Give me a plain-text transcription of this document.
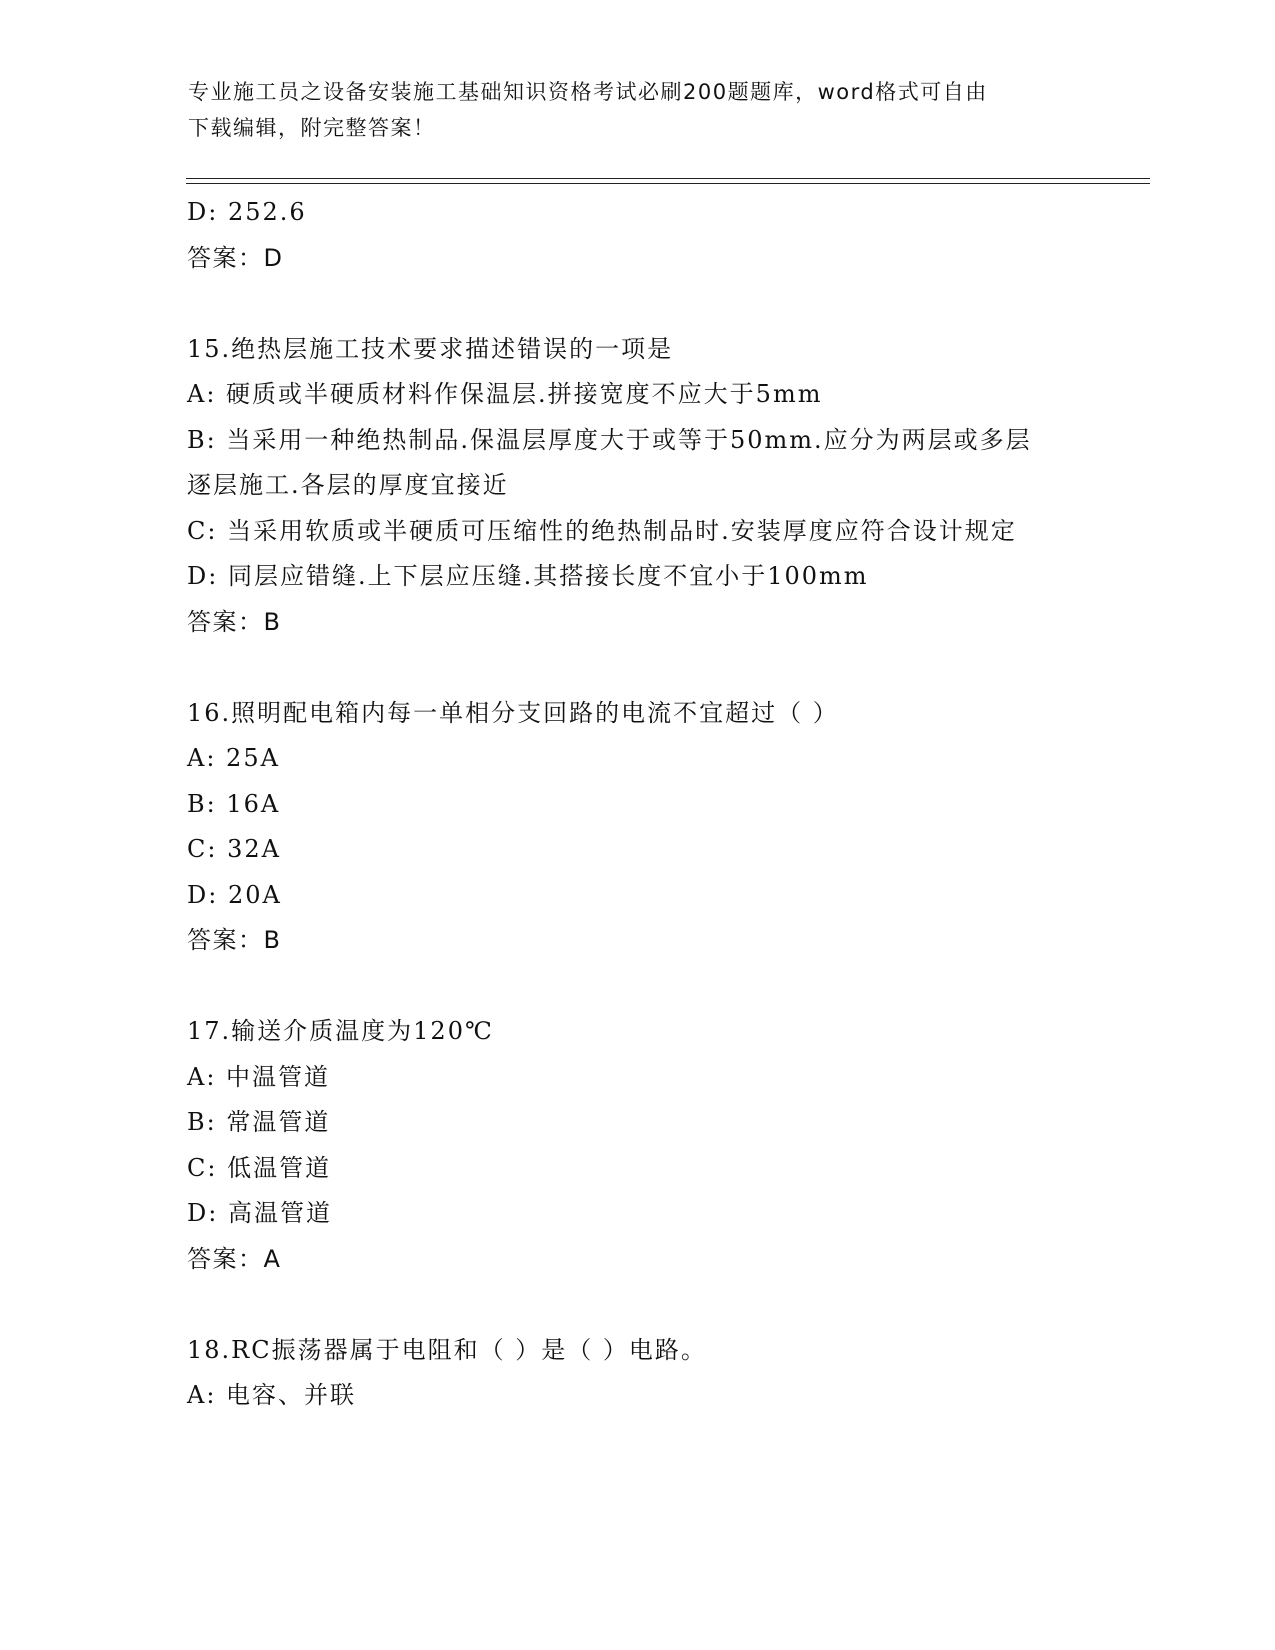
专业施工员之设备安装施工基础知识资格考试必刷200题题库，word格式可自由
下载编辑，附完整答案！
D: 252.6
答案：D
15.绝热层施工技术要求描述错误的一项是
A: 硬质或半硬质材料作保温层.拼接宽度不应大于5mm
B: 当采用一种绝热制品.保温层厚度大于或等于50mm.应分为两层或多层逐层施工.各层的厚度宜接近
C: 当采用软质或半硬质可压缩性的绝热制品时.安装厚度应符合设计规定
D: 同层应错缝.上下层应压缝.其搭接长度不宜小于100mm
答案：B
16.照明配电箱内每一单相分支回路的电流不宜超过（ ）
A: 25A
B: 16A
C: 32A
D: 20A
答案：B
17.输送介质温度为120℃
A: 中温管道
B: 常温管道
C: 低温管道
D: 高温管道
答案：A
18.RC振荡器属于电阻和（ ）是（ ）电路。
A: 电容、并联
